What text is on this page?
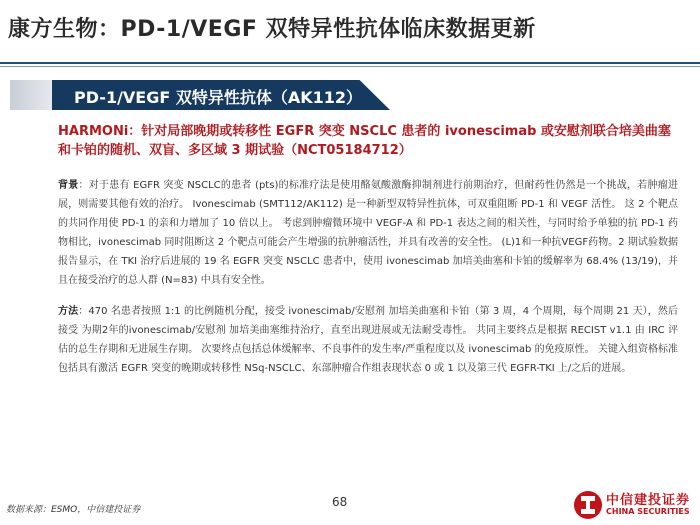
康方生物：PD-1/VEGF 双特异性抗体临床数据更新
PD-1/VEGF 双特异性抗体（AK112）
HARMONi：针对局部晚期或转移性 EGFR 突变 NSCLC 患者的 ivonescimab 或安慰剂联合培美曲塞和卡铂的随机、双盲、多区域 3 期试验（NCT05184712）
背景：对于患有 EGFR 突变 NSCLC的患者 (pts)的标准疗法是使用酪氨酸激酶抑制剂进行前期治疗，但耐药性仍然是一个挑战，若肿瘤进展，则需要其他有效的治疗。 Ivonescimab (SMT112/AK112) 是一种新型双特异性抗体，可双重阻断 PD-1 和 VEGF 活性。 这 2 个靶点的共同作用使 PD-1 的亲和力增加了 10 倍以上。 考虑到肿瘤微环境中 VEGF-A 和 PD-1 表达之间的相关性，与同时给予单独的抗 PD-1 药物相比，ivonescimab 同时阻断这 2 个靶点可能会产生增强的抗肿瘤活性，并具有改善的安全性。 (L)1和一种抗VEGF药物。2 期试验数据报告显示，在 TKI 治疗后进展的 19 名 EGFR 突变 NSCLC 患者中，使用 ivonescimab 加培美曲塞和卡铂的缓解率为 68.4% (13/19)，并且在接受治疗的总人群 (N=83) 中具有安全性。
方法：470 名患者按照 1:1 的比例随机分配，接受 ivonescimab/安慰剂 加培美曲塞和卡铂（第 3 周，4 个周期，每个周期 21 天），然后接受 为期2年的ivonescimab/安慰剂 加培美曲塞维持治疗，直至出现进展或无法耐受毒性。 共同主要终点是根据 RECIST v1.1 由 IRC 评估的总生存期和无进展生存期。 次要终点包括总体缓解率、不良事件的发生率/严重程度以及 ivonescimab 的免疫原性。 关键入组资格标准包括具有激活 EGFR 突变的晚期或转移性 NSq-NSCLC、东部肿瘤合作组表现状态 0 或 1 以及第三代 EGFR-TKI 上/之后的进展。
数据来源：ESMO，中信建投证券
68	中信建投证券
CHINA SECURITIES
